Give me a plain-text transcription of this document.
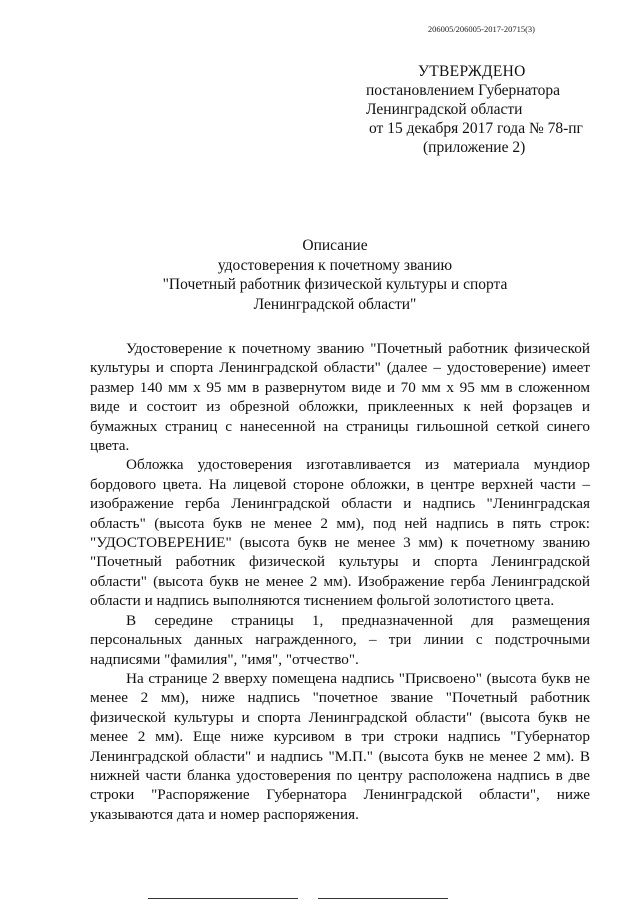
206005/206005-2017-20715(3)
УТВЕРЖДЕНО
постановлением Губернатора
Ленинградской области
от 15 декабря 2017 года № 78-пг
(приложение 2)
Описание
удостоверения к почетному званию
"Почетный работник физической культуры и спорта
Ленинградской области"

Удостоверение к почетному званию "Почетный работник физической культуры и спорта Ленинградской области" (далее – удостоверение) имеет размер 140 мм х 95 мм в развернутом виде и 70 мм х 95 мм в сложенном виде и состоит из обрезной обложки, приклеенных к ней форзацев и бумажных страниц с нанесенной на страницы гильошной сеткой синего цвета.

Обложка удостоверения изготавливается из материала мундиор бордового цвета. На лицевой стороне обложки, в центре верхней части – изображение герба Ленинградской области и надпись "Ленинградская область" (высота букв не менее 2 мм), под ней надпись в пять строк: "УДОСТОВЕРЕНИЕ" (высота букв не менее 3 мм) к почетному званию "Почетный работник физической культуры и спорта Ленинградской области" (высота букв не менее 2 мм). Изображение герба Ленинградской области и надпись выполняются тиснением фольгой золотистого цвета.

В середине страницы 1, предназначенной для размещения персональных данных награжденного, – три линии с подстрочными надписями "фамилия", "имя", "отчество".

На странице 2 вверху помещена надпись "Присвоено" (высота букв не менее 2 мм), ниже надпись "почетное звание "Почетный работник физической культуры и спорта Ленинградской области" (высота букв не менее 2 мм). Еще ниже курсивом в три строки надпись "Губернатор Ленинградской области" и надпись "М.П." (высота букв не менее 2 мм). В нижней части бланка удостоверения по центру расположена надпись в две строки "Распоряжение Губернатора Ленинградской области", ниже указываются дата и номер распоряжения.
